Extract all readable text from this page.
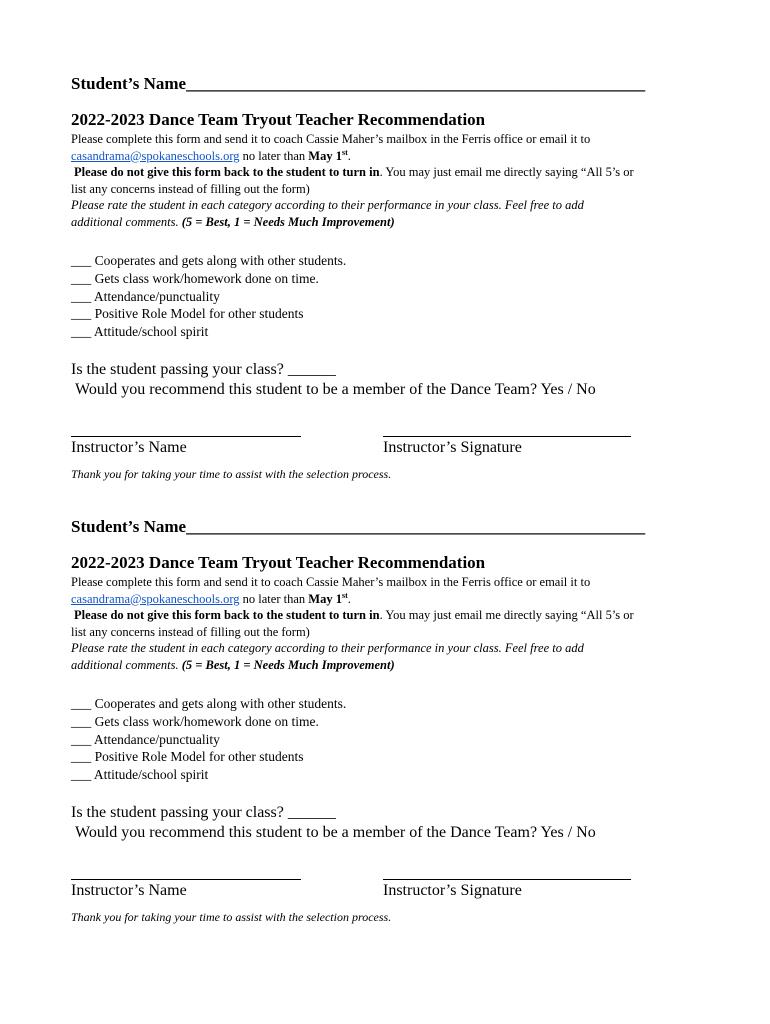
Student’s Name______________________________________________________
2022-2023 Dance Team Tryout Teacher Recommendation
Please complete this form and send it to coach Cassie Maher’s mailbox in the Ferris office or email it to
casandrama@spokaneschools.org no later than May 1st.
Please do not give this form back to the student to turn in. You may just email me directly saying “All 5’s or
list any concerns instead of filling out the form)
Please rate the student in each category according to their performance in your class. Feel free to add
additional comments. (5 = Best, 1 = Needs Much Improvement)
___ Cooperates and gets along with other students.
___ Gets class work/homework done on time.
___ Attendance/punctuality
___ Positive Role Model for other students
___ Attitude/school spirit
Is the student passing your class? ______
Would you recommend this student to be a member of the Dance Team? Yes / No
Instructor’s Name	Instructor’s Signature
Thank you for taking your time to assist with the selection process.
Student’s Name______________________________________________________
2022-2023 Dance Team Tryout Teacher Recommendation
Please complete this form and send it to coach Cassie Maher’s mailbox in the Ferris office or email it to
casandrama@spokaneschools.org no later than May 1st.
Please do not give this form back to the student to turn in. You may just email me directly saying “All 5’s or
list any concerns instead of filling out the form)
Please rate the student in each category according to their performance in your class. Feel free to add
additional comments. (5 = Best, 1 = Needs Much Improvement)
___ Cooperates and gets along with other students.
___ Gets class work/homework done on time.
___ Attendance/punctuality
___ Positive Role Model for other students
___ Attitude/school spirit
Is the student passing your class? ______
Would you recommend this student to be a member of the Dance Team? Yes / No
Instructor’s Name	Instructor’s Signature
Thank you for taking your time to assist with the selection process.
